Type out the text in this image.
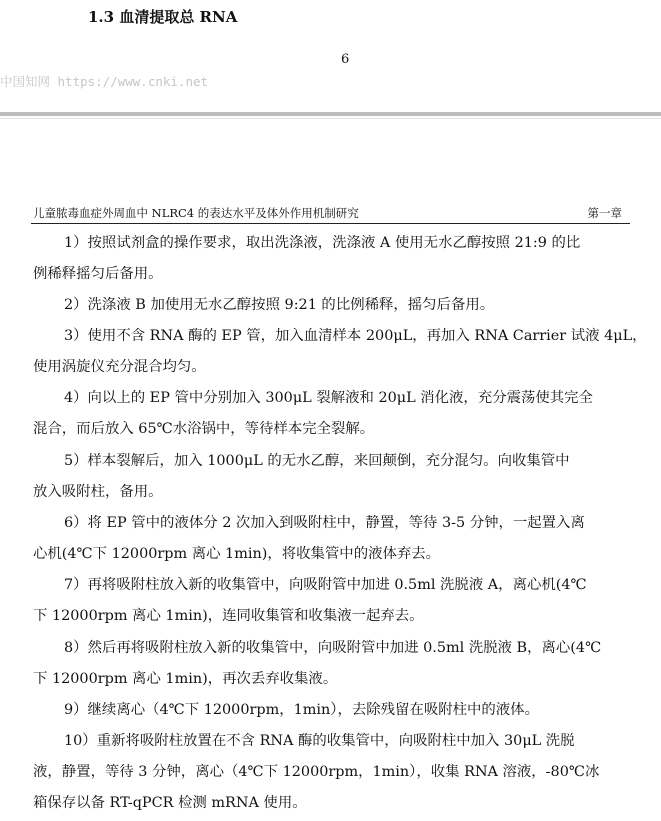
1.3 血清提取总 RNA
6
中国知网 https://www.cnki.net
儿童脓毒血症外周血中 NLRC4 的表达水平及体外作用机制研究	第一章
1）按照试剂盒的操作要求，取出洗涤液，洗涤液 A 使用无水乙醇按照 21:9 的比
例稀释摇匀后备用。
2）洗涤液 B 加使用无水乙醇按照 9:21 的比例稀释，摇匀后备用。
3）使用不含 RNA 酶的 EP 管，加入血清样本 200μL，再加入 RNA Carrier 试液 4μL，
使用涡旋仪充分混合均匀。
4）向以上的 EP 管中分别加入 300μL 裂解液和 20μL 消化液，充分震荡使其完全
混合，而后放入 65℃水浴锅中，等待样本完全裂解。
5）样本裂解后，加入 1000μL 的无水乙醇，来回颠倒，充分混匀。向收集管中
放入吸附柱，备用。
6）将 EP 管中的液体分 2 次加入到吸附柱中，静置，等待 3-5 分钟，一起置入离
心机(4℃下 12000rpm 离心 1min)，将收集管中的液体弃去。
7）再将吸附柱放入新的收集管中，向吸附管中加进 0.5ml 洗脱液 A，离心机(4℃
下 12000rpm 离心 1min)，连同收集管和收集液一起弃去。
8）然后再将吸附柱放入新的收集管中，向吸附管中加进 0.5ml 洗脱液 B，离心(4℃
下 12000rpm 离心 1min)，再次丢弃收集液。
9）继续离心（4℃下 12000rpm，1min），去除残留在吸附柱中的液体。
10）重新将吸附柱放置在不含 RNA 酶的收集管中，向吸附柱中加入 30μL 洗脱
液，静置，等待 3 分钟，离心（4℃下 12000rpm，1min），收集 RNA 溶液，-80℃冰
箱保存以备 RT-qPCR 检测 mRNA 使用。
